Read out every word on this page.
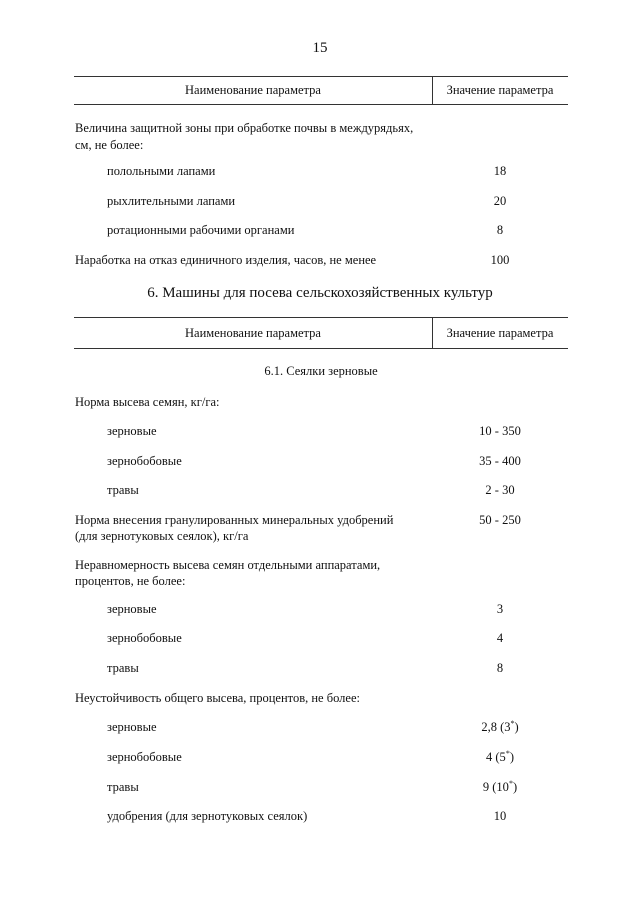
15
Наименование параметра	Значение параметра
Величина защитной зоны при обработке почвы в междурядьях,
см, не более:
полольными лапами	18
рыхлительными лапами	20
ротационными рабочими органами	8
Наработка на отказ единичного изделия, часов, не менее	100
6. Машины для посева сельскохозяйственных культур
Наименование параметра	Значение параметра
6.1. Сеялки зерновые
Норма высева семян, кг/га:
зерновые	10 - 350
зернобобовые	35 - 400
травы	2 - 30
Норма внесения гранулированных минеральных удобрений
(для зернотуковых сеялок), кг/га
50 - 250
Неравномерность высева семян отдельными аппаратами,
процентов, не более:
зерновые	3
зернобобовые	4
травы	8
Неустойчивость общего высева, процентов, не более:
зерновые	2,8 (3*)
зернобобовые	4 (5*)
травы	9 (10*)
удобрения (для зернотуковых сеялок)	10
